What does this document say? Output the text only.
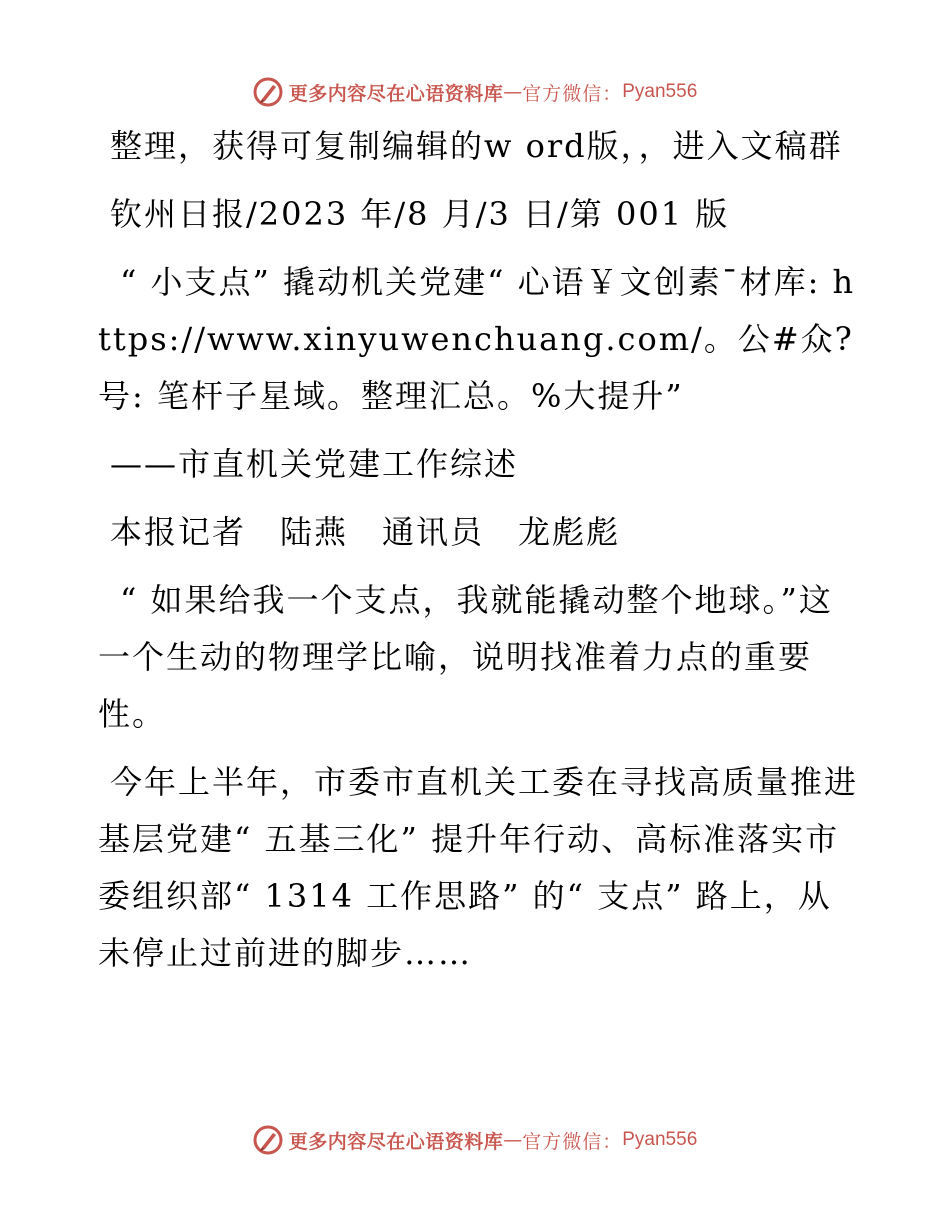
更多内容尽在心语资料库 — 官方微信： Pyan556

整理，获得可复制编辑的w ord版，，进入文稿群

钦州日报/2023 年/8 月/3 日/第 001 版

“ 小支点” 撬动机关党建“ 心语￥文创素¯材库: https://www.xinyuwenchuang.com/。公#众?号: 笔杆子星域。整理汇总。%大提升”

——市直机关党建工作综述

本报记者　陆燕　通讯员　龙彪彪

“ 如果给我一个支点，我就能撬动整个地球。”这一个生动的物理学比喻，说明找准着力点的重要性。

今年上半年，市委市直机关工委在寻找高质量推进基层党建“ 五基三化” 提升年行动、高标准落实市委组织部“ 1314 工作思路” 的“ 支点” 路上，从未停止过前进的脚步……

更多内容尽在心语资料库 — 官方微信： Pyan556
